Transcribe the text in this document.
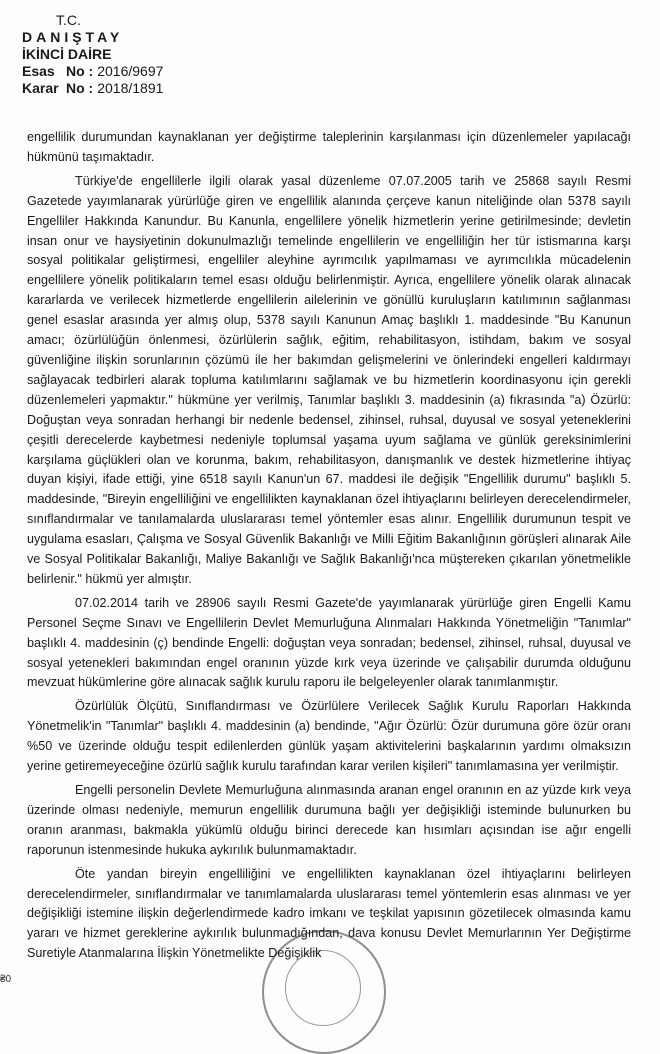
T.C.
DANIŞTAY
İKİNCİ DAİRE
Esas No : 2016/9697
Karar No : 2018/1891

engellilik durumundan kaynaklanan yer değiştirme taleplerinin karşılanması için düzenlemeler yapılacağı hükmünü taşımaktadır.

Türkiye'de engellilerle ilgili olarak yasal düzenleme 07.07.2005 tarih ve 25868 sayılı Resmi Gazetede yayımlanarak yürürlüğe giren ve engellilik alanında çerçeve kanun niteliğinde olan 5378 sayılı Engelliler Hakkında Kanundur. Bu Kanunla, engellilere yönelik hizmetlerin yerine getirilmesinde; devletin insan onur ve haysiyetinin dokunulmazlığı temelinde engellilerin ve engelliliğin her tür istismarına karşı sosyal politikalar geliştirmesi, engelliler aleyhine ayrımcılık yapılmaması ve ayrımcılıkla mücadelenin engellilere yönelik politikaların temel esası olduğu belirlenmiştir. Ayrıca, engellilere yönelik olarak alınacak kararlarda ve verilecek hizmetlerde engellilerin ailelerinin ve gönüllü kuruluşların katılımının sağlanması genel esaslar arasında yer almış olup, 5378 sayılı Kanunun Amaç başlıklı 1. maddesinde "Bu Kanunun amacı; özürlülüğün önlenmesi, özürlülerin sağlık, eğitim, rehabilitasyon, istihdam, bakım ve sosyal güvenliğine ilişkin sorunlarının çözümü ile her bakımdan gelişmelerini ve önlerindeki engelleri kaldırmayı sağlayacak tedbirleri alarak topluma katılımlarını sağlamak ve bu hizmetlerin koordinasyonu için gerekli düzenlemeleri yapmaktır." hükmüne yer verilmiş, Tanımlar başlıklı 3. maddesinin (a) fıkrasında "a) Özürlü: Doğuştan veya sonradan herhangi bir nedenle bedensel, zihinsel, ruhsal, duyusal ve sosyal yeteneklerini çeşitli derecelerde kaybetmesi nedeniyle toplumsal yaşama uyum sağlama ve günlük gereksinimlerini karşılama güçlükleri olan ve korunma, bakım, rehabilitasyon, danışmanlık ve destek hizmetlerine ihtiyaç duyan kişiyi, ifade ettiği, yine 6518 sayılı Kanun'un 67. maddesi ile değişik "Engellilik durumu" başlıklı 5. maddesinde, "Bireyin engelliliğini ve engellilikten kaynaklanan özel ihtiyaçlarını belirleyen derecelendirmeler, sınıflandırmalar ve tanılamalarda uluslararası temel yöntemler esas alınır. Engellilik durumunun tespit ve uygulama esasları, Çalışma ve Sosyal Güvenlik Bakanlığı ve Milli Eğitim Bakanlığının görüşleri alınarak Aile ve Sosyal Politikalar Bakanlığı, Maliye Bakanlığı ve Sağlık Bakanlığı'nca müştereken çıkarılan yönetmelikle belirlenir." hükmü yer almıştır.

07.02.2014 tarih ve 28906 sayılı Resmi Gazete'de yayımlanarak yürürlüğe giren Engelli Kamu Personel Seçme Sınavı ve Engellilerin Devlet Memurluğuna Alınmaları Hakkında Yönetmeliğin "Tanımlar" başlıklı 4. maddesinin (ç) bendinde Engelli: doğuştan veya sonradan; bedensel, zihinsel, ruhsal, duyusal ve sosyal yetenekleri bakımından engel oranının yüzde kırk veya üzerinde ve çalışabilir durumda olduğunu mevzuat hükümlerine göre alınacak sağlık kurulu raporu ile belgeleyenler olarak tanımlanmıştır.

Özürlülük Ölçütü, Sınıflandırması ve Özürlülere Verilecek Sağlık Kurulu Raporları Hakkında Yönetmelik'in "Tanımlar" başlıklı 4. maddesinin (a) bendinde, "Ağır Özürlü: Özür durumuna göre özür oranı %50 ve üzerinde olduğu tespit edilenlerden günlük yaşam aktivitelerini başkalarının yardımı olmaksızın yerine getiremeyeceğine özürlü sağlık kurulu tarafından karar verilen kişileri" tanımlamasına yer verilmiştir.

Engelli personelin Devlete Memurluğuna alınmasında aranan engel oranının en az yüzde kırk veya üzerinde olması nedeniyle, memurun engellilik durumuna bağlı yer değişikliği isteminde bulunurken bu oranın aranması, bakmakla yükümlü olduğu birinci derecede kan hısımları açısından ise ağır engelli raporunun istenmesinde hukuka aykırılık bulunmamaktadır.

Öte yandan bireyin engelliliğini ve engellilikten kaynaklanan özel ihtiyaçlarını belirleyen derecelendirmeler, sınıflandırmalar ve tanımlamalarda uluslararası temel yöntemlerin esas alınması ve yer değişikliği istemine ilişkin değerlendirmede kadro imkanı ve teşkilat yapısının gözetilecek olmasında kamu yararı ve hizmet gereklerine aykırılık bulunmadığından, dava konusu Devlet Memurlarının Yer Değiştirme Suretiyle Atanmalarına İlişkin Yönetmelikte Değişiklik

₴0
